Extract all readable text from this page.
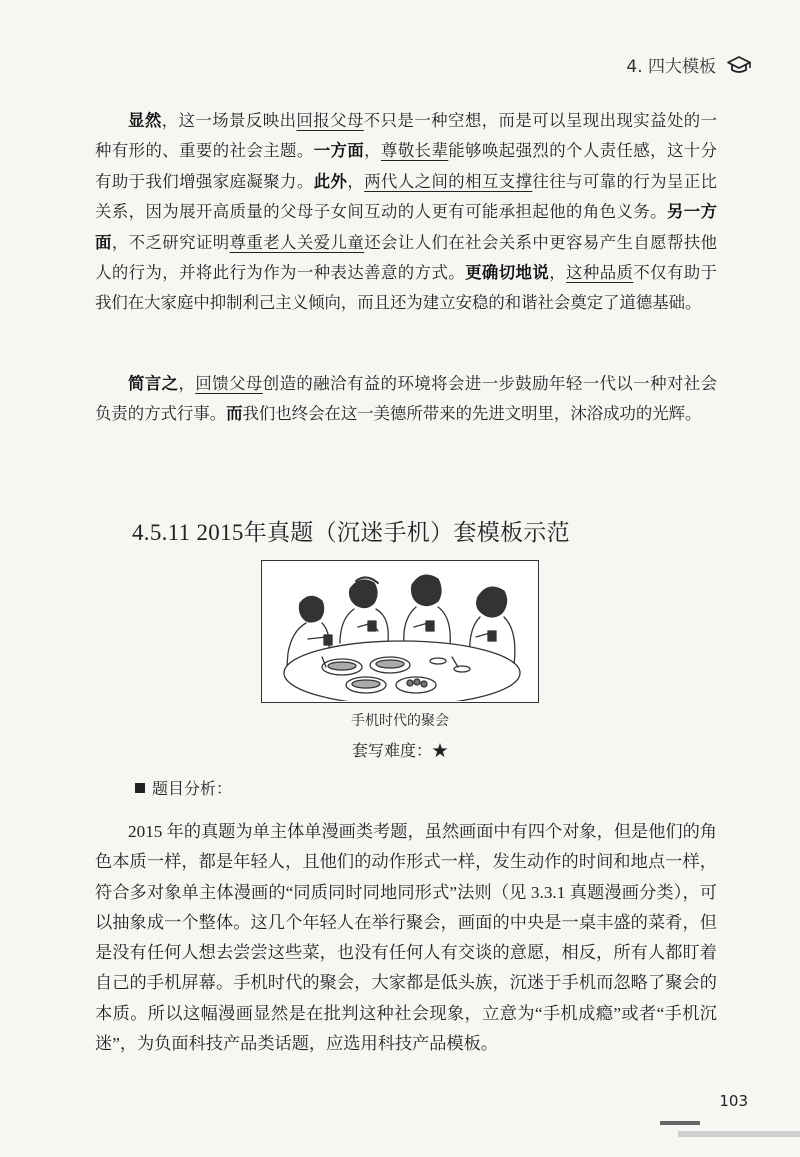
4. 四大模板

显然，这一场景反映出回报父母不只是一种空想，而是可以呈现出现实益处的一种有形的、重要的社会主题。一方面，尊敬长辈能够唤起强烈的个人责任感，这十分有助于我们增强家庭凝聚力。此外，两代人之间的相互支撑往往与可靠的行为呈正比关系，因为展开高质量的父母子女间互动的人更有可能承担起他的角色义务。另一方面，不乏研究证明尊重老人关爱儿童还会让人们在社会关系中更容易产生自愿帮扶他人的行为，并将此行为作为一种表达善意的方式。更确切地说，这种品质不仅有助于我们在大家庭中抑制利己主义倾向，而且还为建立安稳的和谐社会奠定了道德基础。

简言之，回馈父母创造的融洽有益的环境将会进一步鼓励年轻一代以一种对社会负责的方式行事。而我们也终会在这一美德所带来的先进文明里，沐浴成功的光辉。

4.5.11 2015年真题（沉迷手机）套模板示范
手机时代的聚会
套写难度：★
题目分析：

2015 年的真题为单主体单漫画类考题，虽然画面中有四个对象，但是他们的角色本质一样，都是年轻人，且他们的动作形式一样，发生动作的时间和地点一样，符合多对象单主体漫画的“同质同时同地同形式”法则（见 3.3.1 真题漫画分类），可以抽象成一个整体。这几个年轻人在举行聚会，画面的中央是一桌丰盛的菜肴，但是没有任何人想去尝尝这些菜，也没有任何人有交谈的意愿，相反，所有人都盯着自己的手机屏幕。手机时代的聚会，大家都是低头族，沉迷于手机而忽略了聚会的本质。所以这幅漫画显然是在批判这种社会现象，立意为“手机成瘾”或者“手机沉迷”，为负面科技产品类话题，应选用科技产品模板。

103
